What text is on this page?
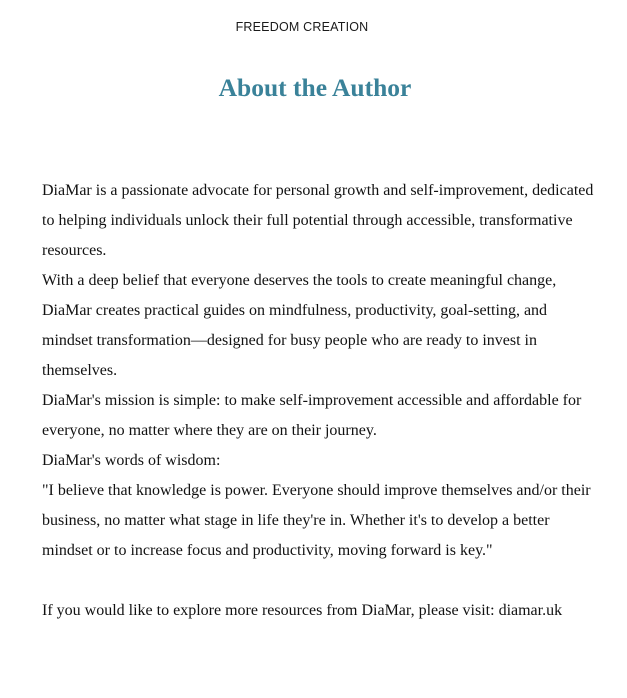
FREEDOM CREATION
About the Author

DiaMar is a passionate advocate for personal growth and self-improvement, dedicated to helping individuals unlock their full potential through accessible, transformative resources.

With a deep belief that everyone deserves the tools to create meaningful change, DiaMar creates practical guides on mindfulness, productivity, goal-setting, and mindset transformation—designed for busy people who are ready to invest in themselves.

DiaMar's mission is simple: to make self-improvement accessible and affordable for everyone, no matter where they are on their journey.

DiaMar's words of wisdom:

"I believe that knowledge is power. Everyone should improve themselves and/or their business, no matter what stage in life they're in. Whether it's to develop a better mindset or to increase focus and productivity, moving forward is key."

If you would like to explore more resources from DiaMar, please visit: diamar.uk
